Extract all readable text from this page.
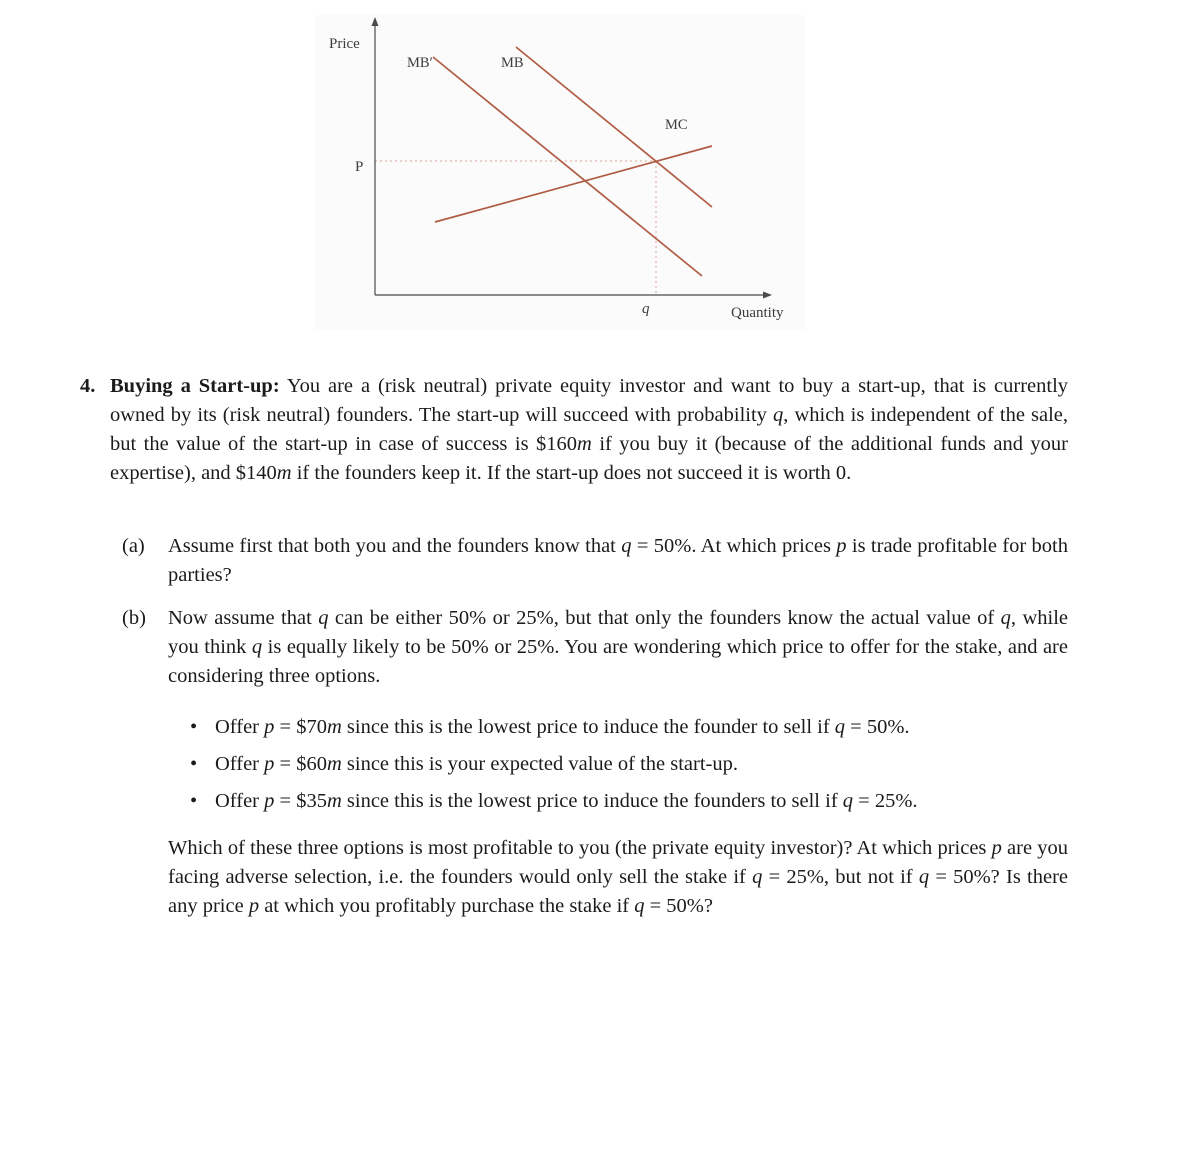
Price
MB′	MB
MC
P
q	Quantity
4. Buying a Start-up: You are a (risk neutral) private equity investor and want to buy a start-up, that is currently owned by its (risk neutral) founders. The start-up will succeed with probability q, which is independent of the sale, but the value of the start-up in case of success is $160m if you buy it (because of the additional funds and your expertise), and $140m if the founders keep it. If the start-up does not succeed it is worth 0.
(a)	Assume first that both you and the founders know that q = 50%. At which prices p is trade profitable for both parties?
(b)	Now assume that q can be either 50% or 25%, but that only the founders know the actual value of q, while you think q is equally likely to be 50% or 25%. You are wondering which price to offer for the stake, and are considering three options.
• Offer p = $70m since this is the lowest price to induce the founder to sell if q = 50%.
• Offer p = $60m since this is your expected value of the start-up.
• Offer p = $35m since this is the lowest price to induce the founders to sell if q = 25%.
Which of these three options is most profitable to you (the private equity investor)? At which prices p are you facing adverse selection, i.e. the founders would only sell the stake if q = 25%, but not if q = 50%? Is there any price p at which you profitably purchase the stake if q = 50%?
